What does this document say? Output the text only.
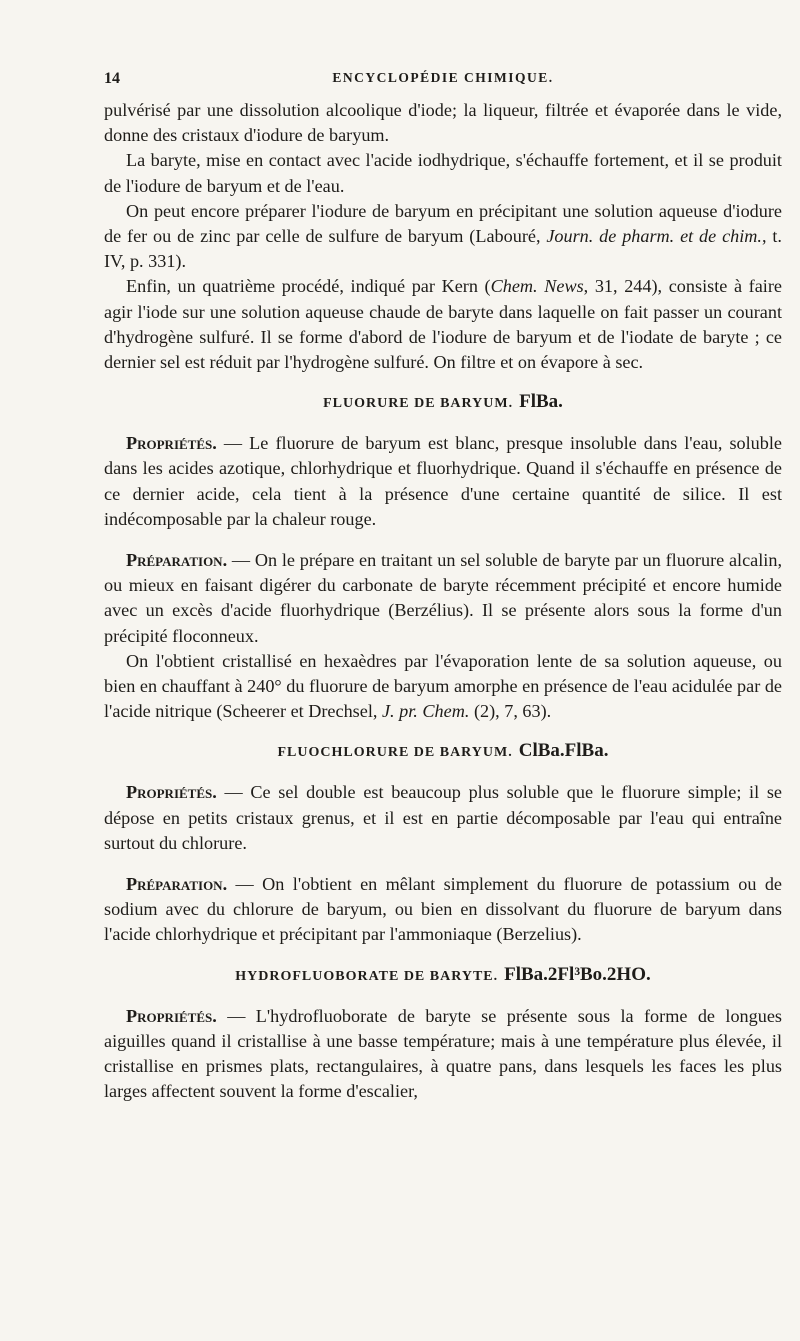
14	ENCYCLOPÉDIE CHIMIQUE.

pulvérisé par une dissolution alcoolique d'iode; la liqueur, filtrée et évaporée dans le vide, donne des cristaux d'iodure de baryum.

La baryte, mise en contact avec l'acide iodhydrique, s'échauffe fortement, et il se produit de l'iodure de baryum et de l'eau.

On peut encore préparer l'iodure de baryum en précipitant une solution aqueuse d'iodure de fer ou de zinc par celle de sulfure de baryum (Labouré, Journ. de pharm. et de chim., t. IV, p. 331).

Enfin, un quatrième procédé, indiqué par Kern (Chem. News, 31, 244), consiste à faire agir l'iode sur une solution aqueuse chaude de baryte dans laquelle on fait passer un courant d'hydrogène sulfuré. Il se forme d'abord de l'iodure de baryum et de l'iodate de baryte ; ce dernier sel est réduit par l'hydrogène sulfuré. On filtre et on évapore à sec.

FLUORURE DE BARYUM. FlBa.

Propriétés. — Le fluorure de baryum est blanc, presque insoluble dans l'eau, soluble dans les acides azotique, chlorhydrique et fluorhydrique. Quand il s'échauffe en présence de ce dernier acide, cela tient à la présence d'une certaine quantité de silice. Il est indécomposable par la chaleur rouge.

Préparation. — On le prépare en traitant un sel soluble de baryte par un fluorure alcalin, ou mieux en faisant digérer du carbonate de baryte récemment précipité et encore humide avec un excès d'acide fluorhydrique (Berzélius). Il se présente alors sous la forme d'un précipité floconneux.

On l'obtient cristallisé en hexaèdres par l'évaporation lente de sa solution aqueuse, ou bien en chauffant à 240° du fluorure de baryum amorphe en présence de l'eau acidulée par de l'acide nitrique (Scheerer et Drechsel, J. pr. Chem. (2), 7, 63).

FLUOCHLORURE DE BARYUM. ClBa.FlBa.

Propriétés. — Ce sel double est beaucoup plus soluble que le fluorure simple; il se dépose en petits cristaux grenus, et il est en partie décomposable par l'eau qui entraîne surtout du chlorure.

Préparation. — On l'obtient en mêlant simplement du fluorure de potassium ou de sodium avec du chlorure de baryum, ou bien en dissolvant du fluorure de baryum dans l'acide chlorhydrique et précipitant par l'ammoniaque (Berzelius).

HYDROFLUOBORATE DE BARYTE. FlBa.2Fl³Bo.2HO.

Propriétés. — L'hydrofluoborate de baryte se présente sous la forme de longues aiguilles quand il cristallise à une basse température; mais à une température plus élevée, il cristallise en prismes plats, rectangulaires, à quatre pans, dans lesquels les faces les plus larges affectent souvent la forme d'escalier,
